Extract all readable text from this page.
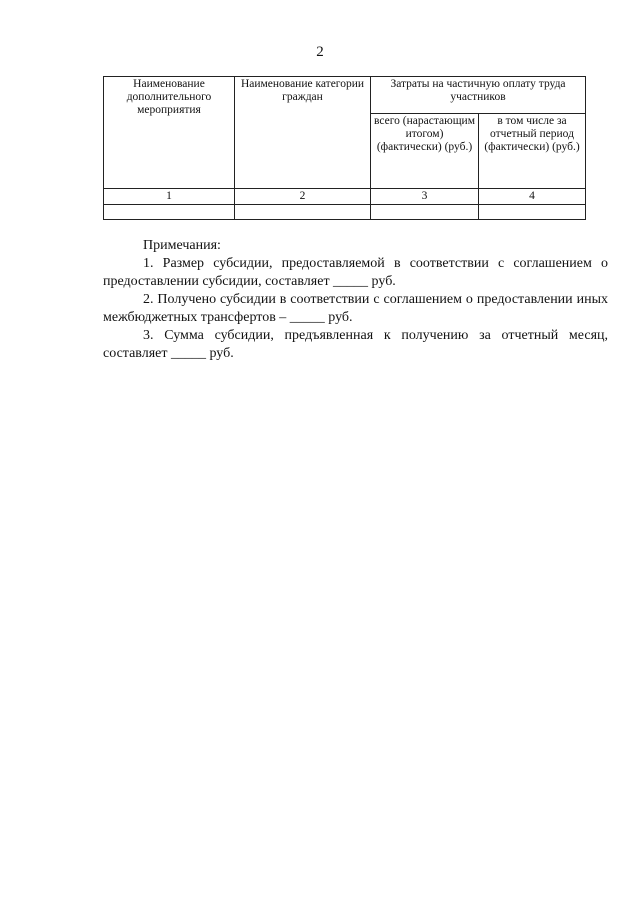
2
Наименование дополнительного мероприятия	Наименование категории граждан	Затраты на частичную оплату труда участников	
		всего (нарастающим итогом) (фактически) (руб.)	в том числе за отчетный период (фактически) (руб.)
1	2	3	4

Примечания:

1. Размер субсидии, предоставляемой в соответствии с соглашением о предоставлении субсидии, составляет _____ руб.

2. Получено субсидии в соответствии с соглашением о предоставлении иных межбюджетных трансфертов – _____ руб.

3. Сумма субсидии, предъявленная к получению за отчетный месяц, составляет _____ руб.
